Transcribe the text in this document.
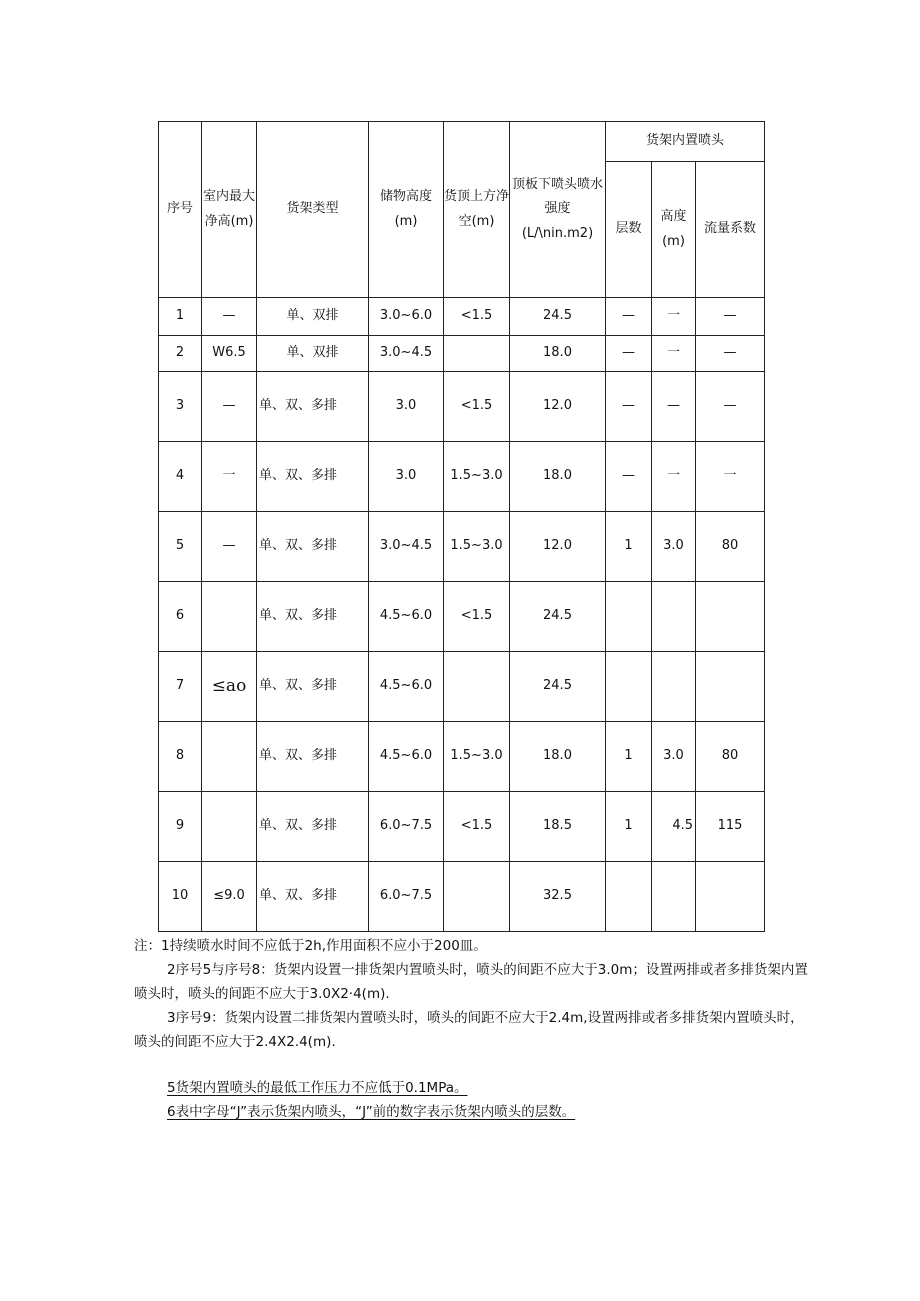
序号	室内最大净高(m)	货架类型	储物高度(m)	货顶上方净空(m)	顶板下喷头喷水强度(L/\nin.m2)	货架内置喷头		
						层数	高度(m)	流量系数
1	—	单、双排	3.0~6.0	<1.5	24.5	—	一	—
2	W6.5	单、双排	3.0~4.5		18.0	—	一	—
3	—	单、双、多排	3.0	<1.5	12.0	—	—	—
4	一	单、双、多排	3.0	1.5~3.0	18.0	—	一	一
5	—	单、双、多排	3.0~4.5	1.5~3.0	12.0	1	3.0	80
6		单、双、多排	4.5~6.0	<1.5	24.5			
7	≤ao	单、双、多排	4.5~6.0		24.5			
8		单、双、多排	4.5~6.0	1.5~3.0	18.0	1	3.0	80
9		单、双、多排	6.0~7.5	<1.5	18.5	1	4.5	115
10	≤9.0	单、双、多排	6.0~7.5		32.5			

注：1持续喷水时间不应低于2h,作用面积不应小于200皿。

2序号5与序号8：货架内设置一排货架内置喷头时，喷头的间距不应大于3.0m；设置两排或者多排货架内置喷头时，喷头的间距不应大于3.0X2·4(m).

3序号9：货架内设置二排货架内置喷头时，喷头的间距不应大于2.4m,设置两排或者多排货架内置喷头时，喷头的间距不应大于2.4X2.4(m).

5货架内置喷头的最低工作压力不应低于0.1MPa。

6表中字母“J”表示货架内喷头，“J”前的数字表示货架内喷头的层数。
